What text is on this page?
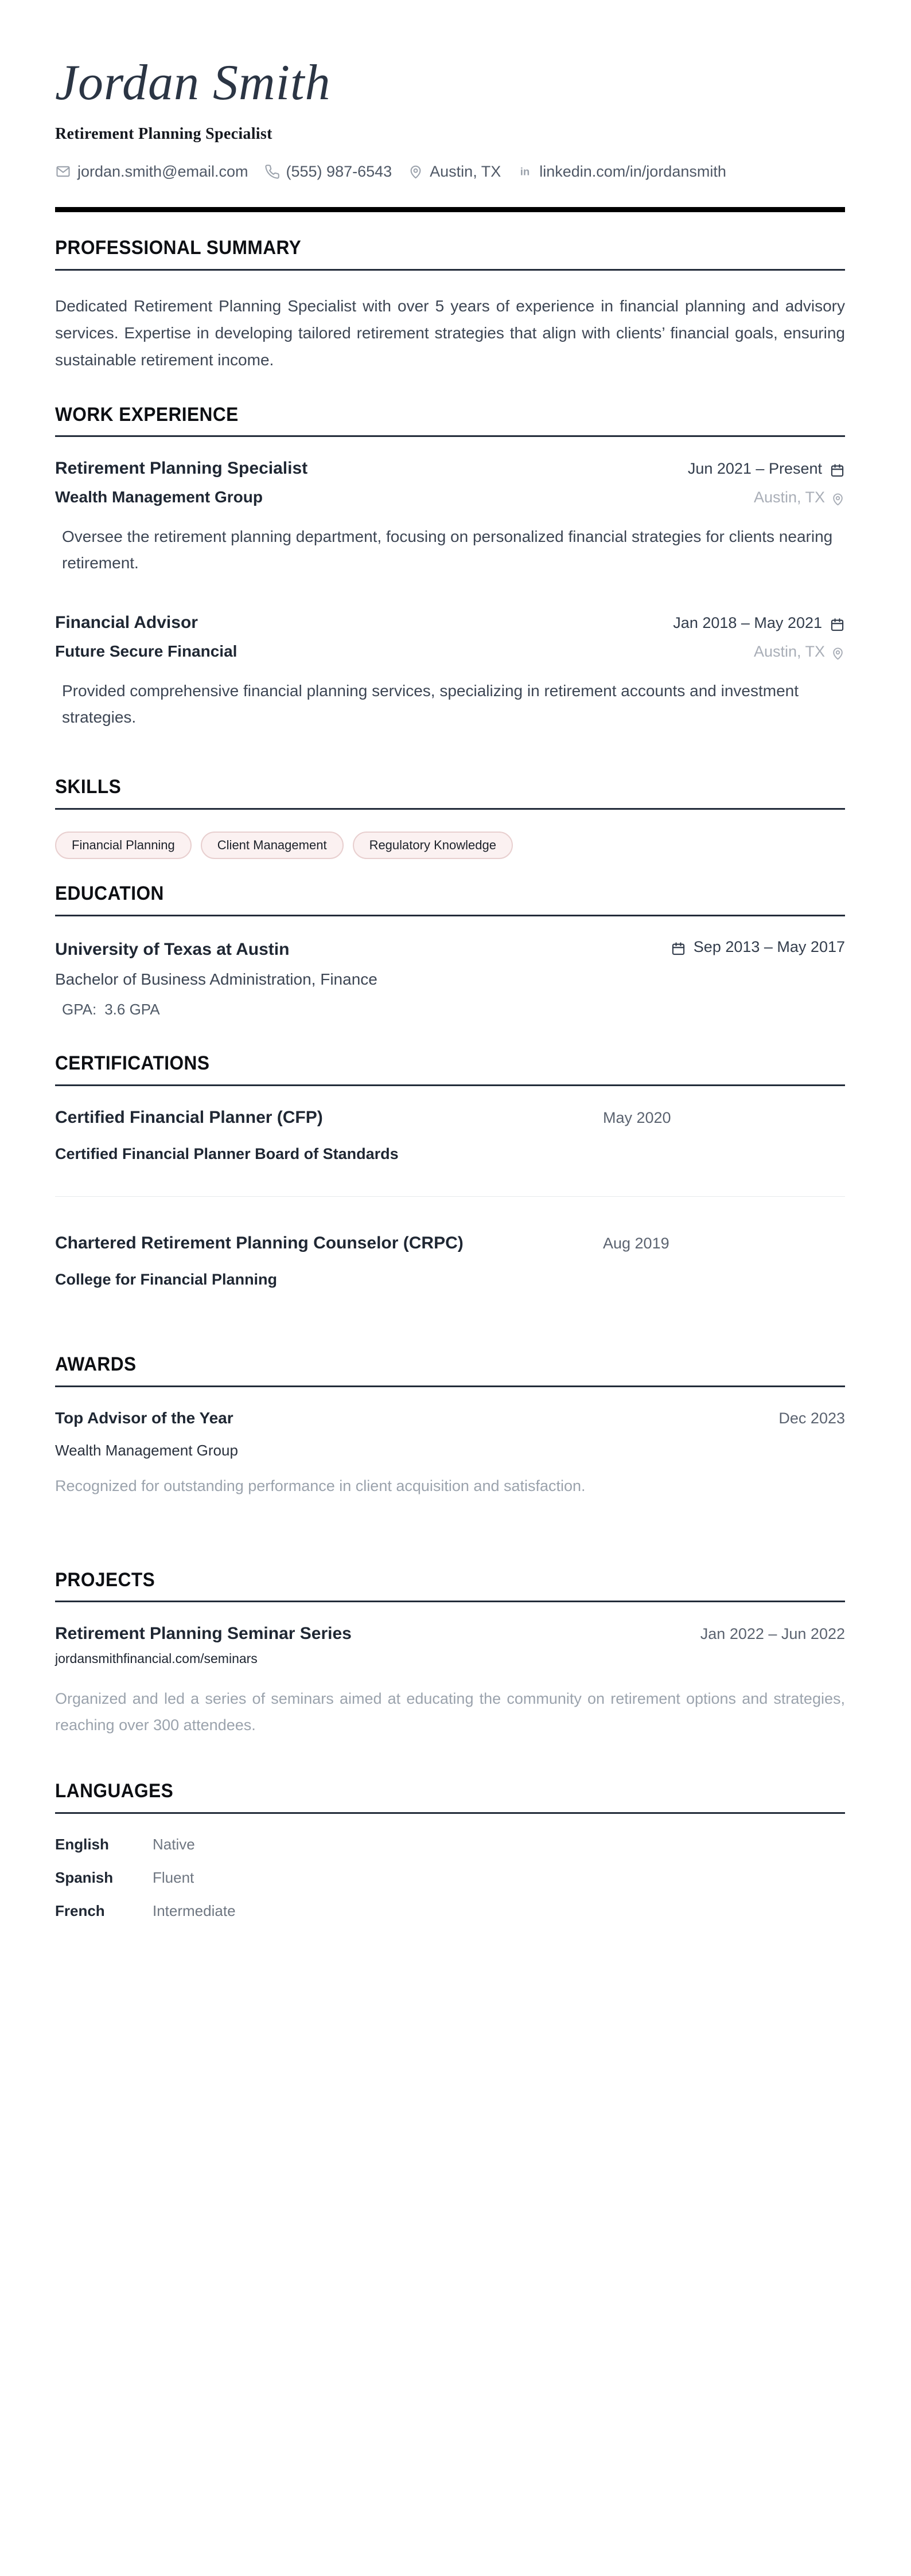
Jordan Smith
Retirement Planning Specialist
jordan.smith@email.com (555) 987-6543 Austin, TX in linkedin.com/in/jordansmith
PROFESSIONAL SUMMARY

Dedicated Retirement Planning Specialist with over 5 years of experience in financial planning and advisory services. Expertise in developing tailored retirement strategies that align with clients’ financial goals, ensuring sustainable retirement income.

WORK EXPERIENCE
Retirement Planning Specialist	Jun 2021 – Present
Wealth Management Group	Austin, TX

Oversee the retirement planning department, focusing on personalized financial strategies for clients nearing retirement.

Financial Advisor	Jan 2018 – May 2021
Future Secure Financial	Austin, TX

Provided comprehensive financial planning services, specializing in retirement accounts and investment strategies.

SKILLS
Financial Planning	Client Management	Regulatory Knowledge
EDUCATION
University of Texas at Austin	Sep 2013 – May 2017
Bachelor of Business Administration, Finance
GPA: 3.6 GPA
CERTIFICATIONS
Certified Financial Planner (CFP)	May 2020
Certified Financial Planner Board of Standards
Chartered Retirement Planning Counselor (CRPC)	Aug 2019
College for Financial Planning
AWARDS
Top Advisor of the Year	Dec 2023
Wealth Management Group

Recognized for outstanding performance in client acquisition and satisfaction.

PROJECTS
Retirement Planning Seminar Series	Jan 2022 – Jun 2022
jordansmithfinancial.com/seminars

Organized and led a series of seminars aimed at educating the community on retirement options and strategies, reaching over 300 attendees.

LANGUAGES
English	Native
Spanish	Fluent
French	Intermediate
